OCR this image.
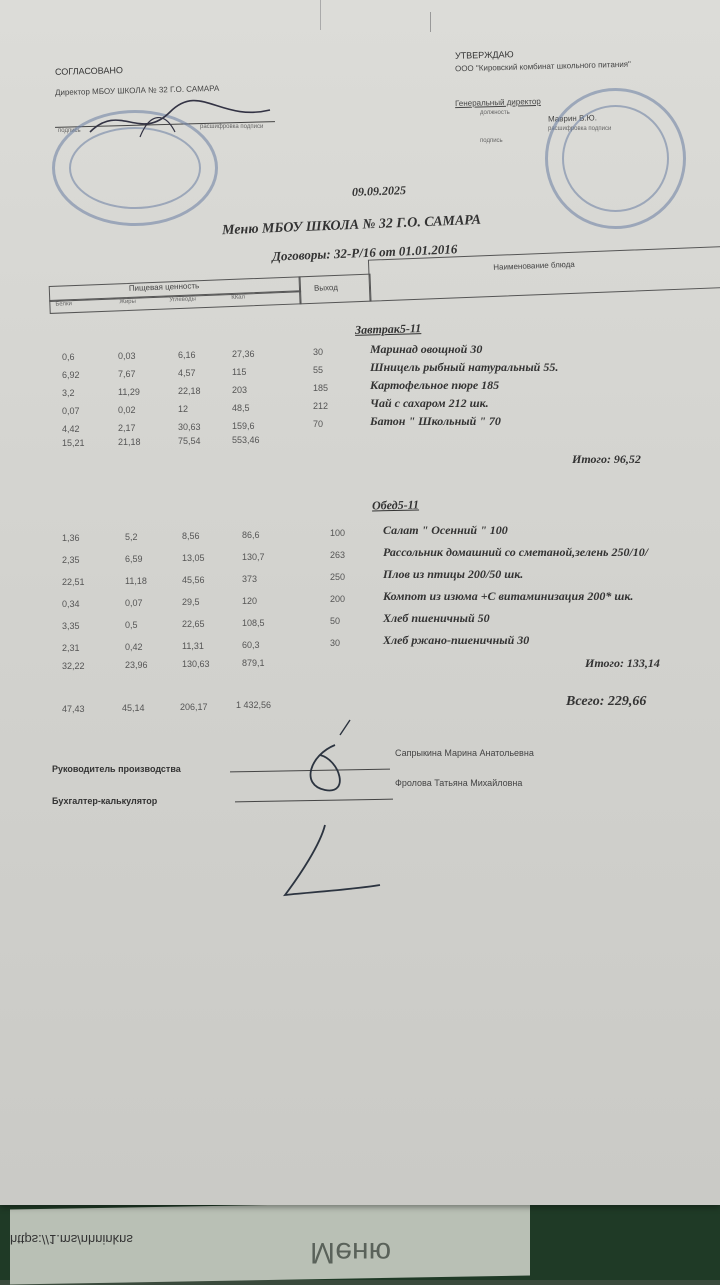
https://1.ms/nhninkns	Меню
СОГЛАСОВАНО
Директор МБОУ ШКОЛА № 32 Г.О. САМАРА
подпись
расшифровка подписи
УТВЕРЖДАЮ
ООО "Кировский комбинат школьного питания"
Генеральный директор
должность
Маврин В.Ю.
расшифровка подписи
подпись
09.09.2025
Меню МБОУ ШКОЛА № 32 Г.О. САМАРА
Договоры: 32-Р/16 от 01.01.2016
Пищевая ценность	Выход
Наименование блюда
Белки	Жиры	Углеводы	ККал
Завтрак5-11
0,6	0,03	6,16	27,36	30	Маринад овощной 30
6,92	7,67	4,57	115	55	Шницель рыбный натуральный 55.
3,2	11,29	22,18	203	185	Картофельное пюре 185
0,07	0,02	12	48,5	212	Чай с сахаром 212 шк.
4,42	2,17	30,63	159,6	70	Батон " Школьный " 70
15,21	21,18	75,54	553,46
Итого: 96,52
Обед5-11
1,36	5,2	8,56	86,6	100	Салат " Осенний " 100
2,35	6,59	13,05	130,7	263	Рассольник домашний со сметаной,зелень 250/10/
22,51	11,18	45,56	373	250	Плов из птицы 200/50 шк.
0,34	0,07	29,5	120	200	Компот из изюма +С витаминизация 200* шк.
3,35	0,5	22,65	108,5	50	Хлеб пшеничный 50
2,31	0,42	11,31	60,3	30	Хлеб ржано-пшеничный 30
32,22	23,96	130,63	879,1	Итого: 133,14
47,43	45,14	206,17	1 432,56	Всего: 229,66
Руководитель производства
Сапрыкина Марина Анатольевна
Бухгалтер-калькулятор
Фролова Татьяна Михайловна
